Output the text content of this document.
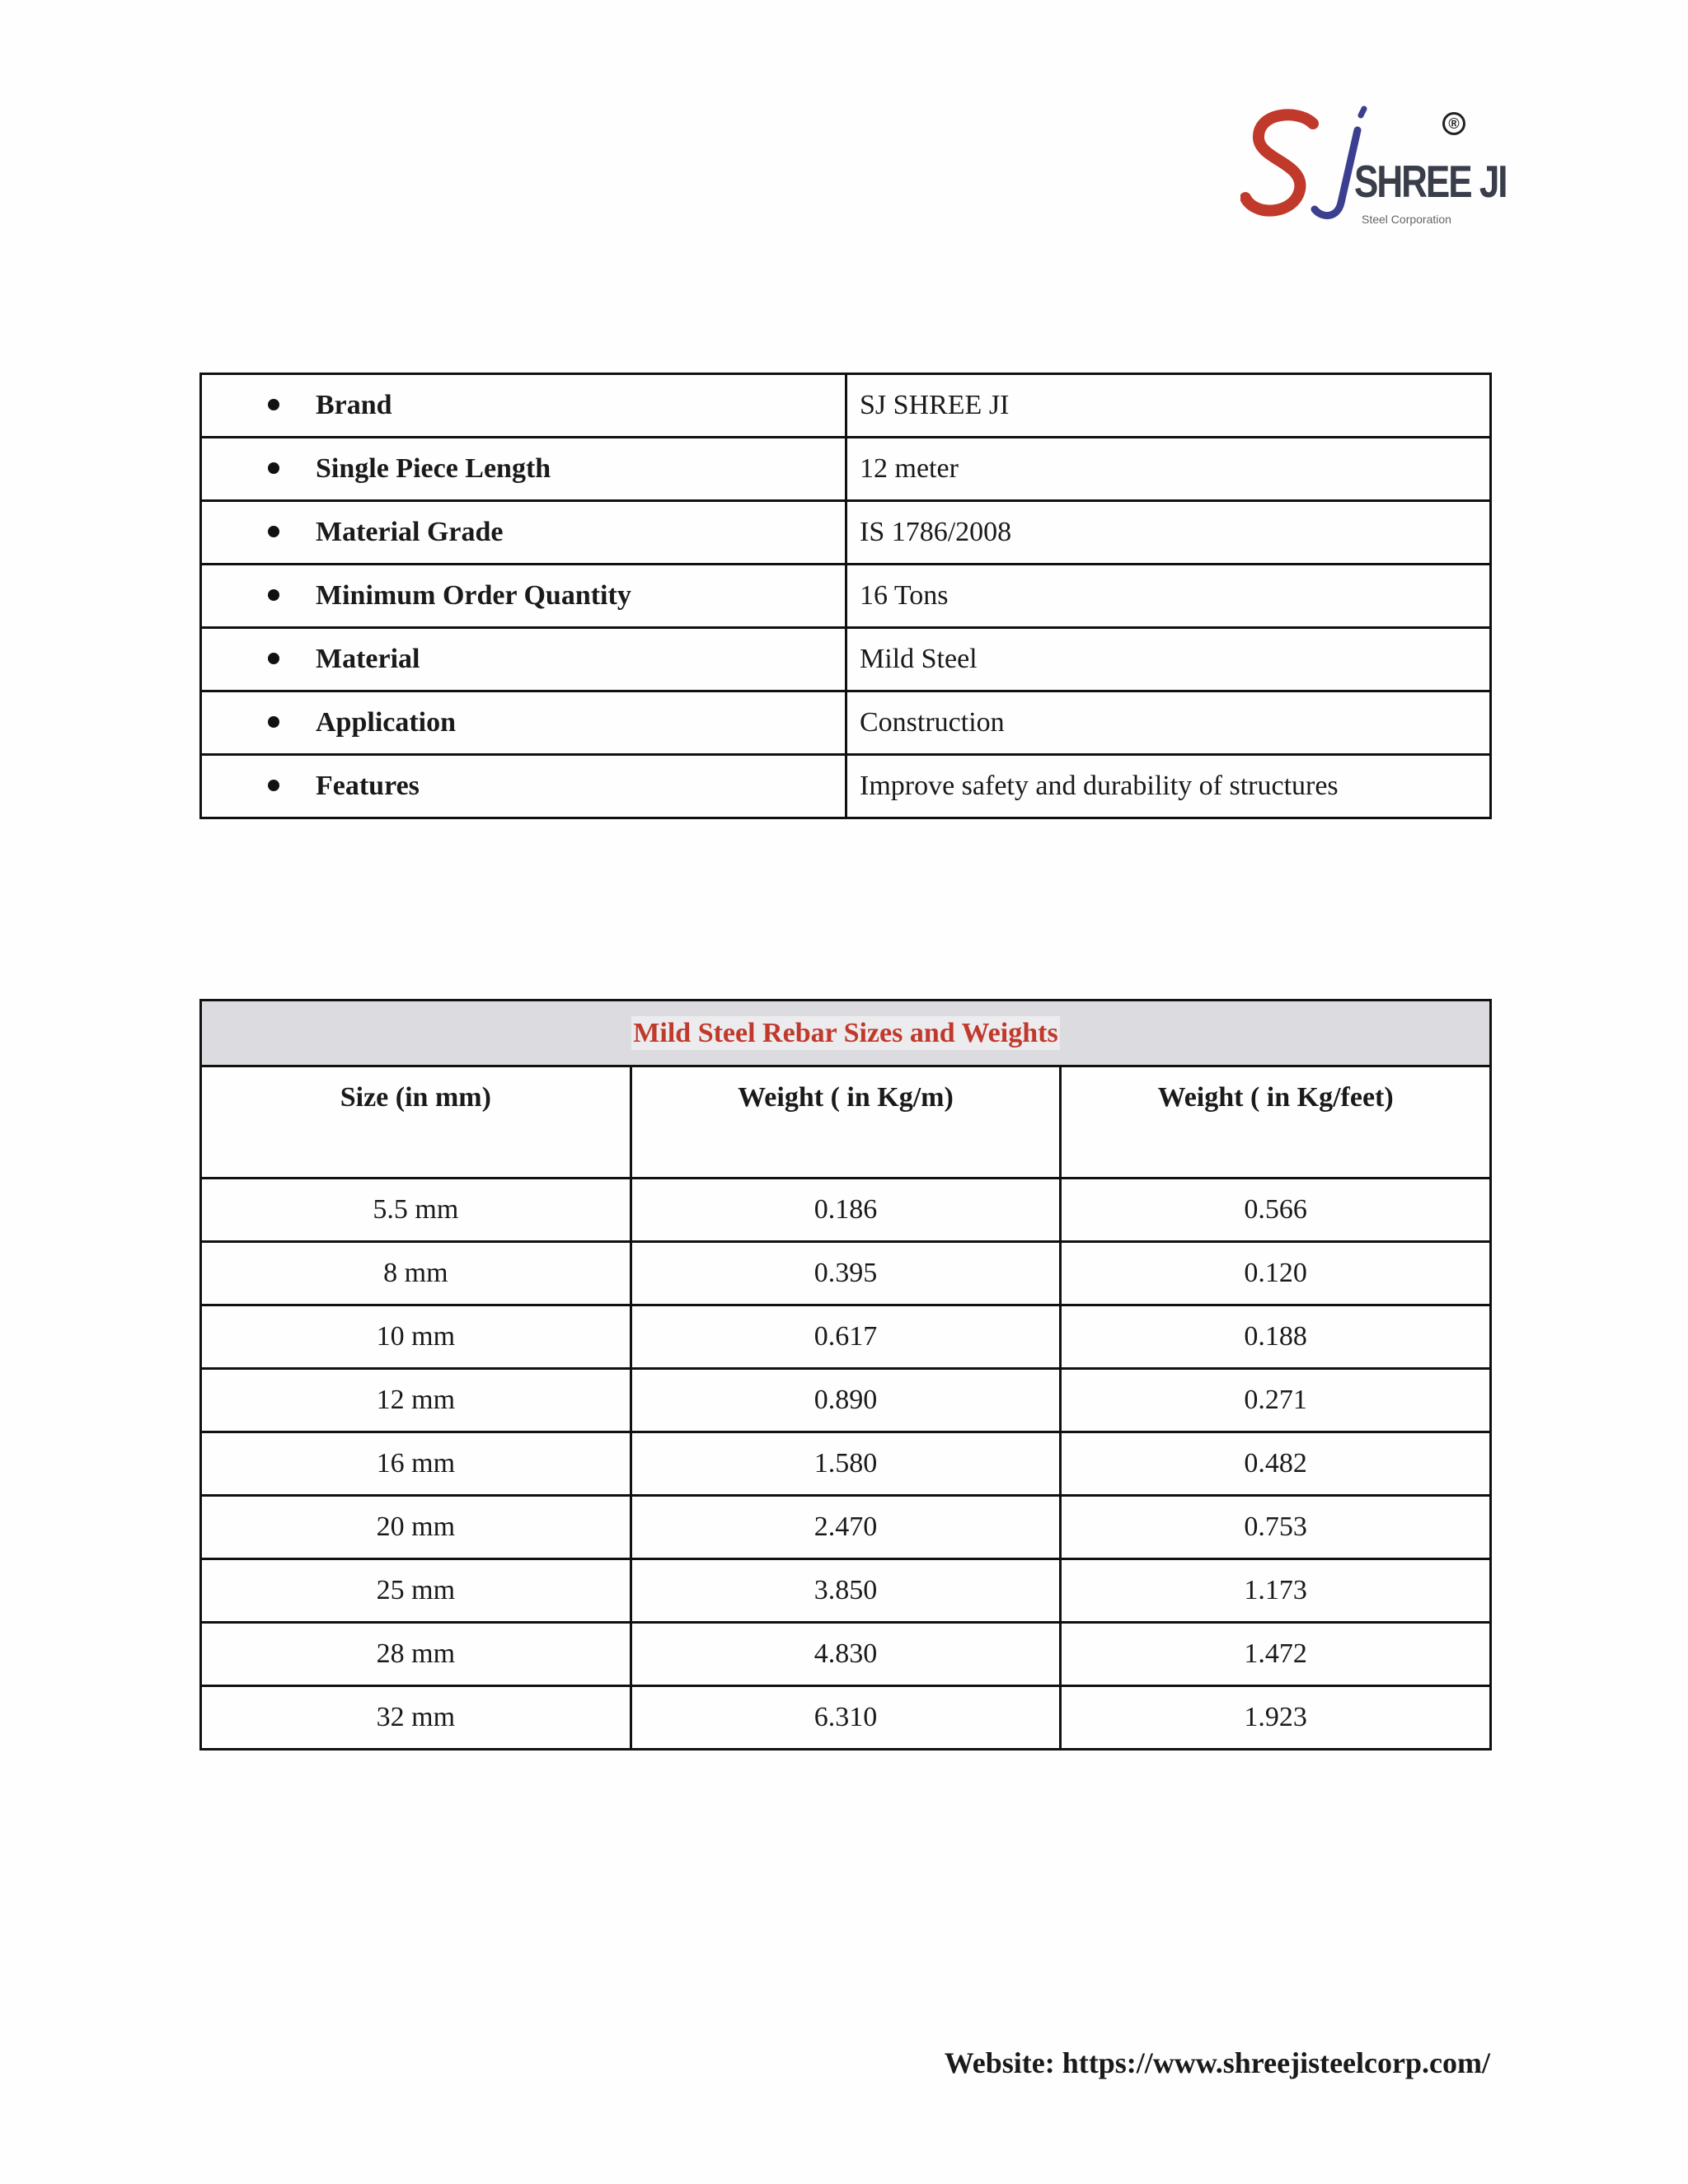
®
SHREE JI
Steel Corporation
Brand	SJ SHREE JI
Single Piece Length	12 meter
Material Grade	IS 1786/2008
Minimum Order Quantity	16 Tons
Material	Mild Steel
Application	Construction
Features	Improve safety and durability of structures
Mild Steel Rebar Sizes and Weights		
Size (in mm)	Weight ( in Kg/m)	Weight ( in Kg/feet)
5.5 mm	0.186	0.566
8 mm	0.395	0.120
10 mm	0.617	0.188
12 mm	0.890	0.271
16 mm	1.580	0.482
20 mm	2.470	0.753
25 mm	3.850	1.173
28 mm	4.830	1.472
32 mm	6.310	1.923
Website: https://www.shreejisteelcorp.com/
